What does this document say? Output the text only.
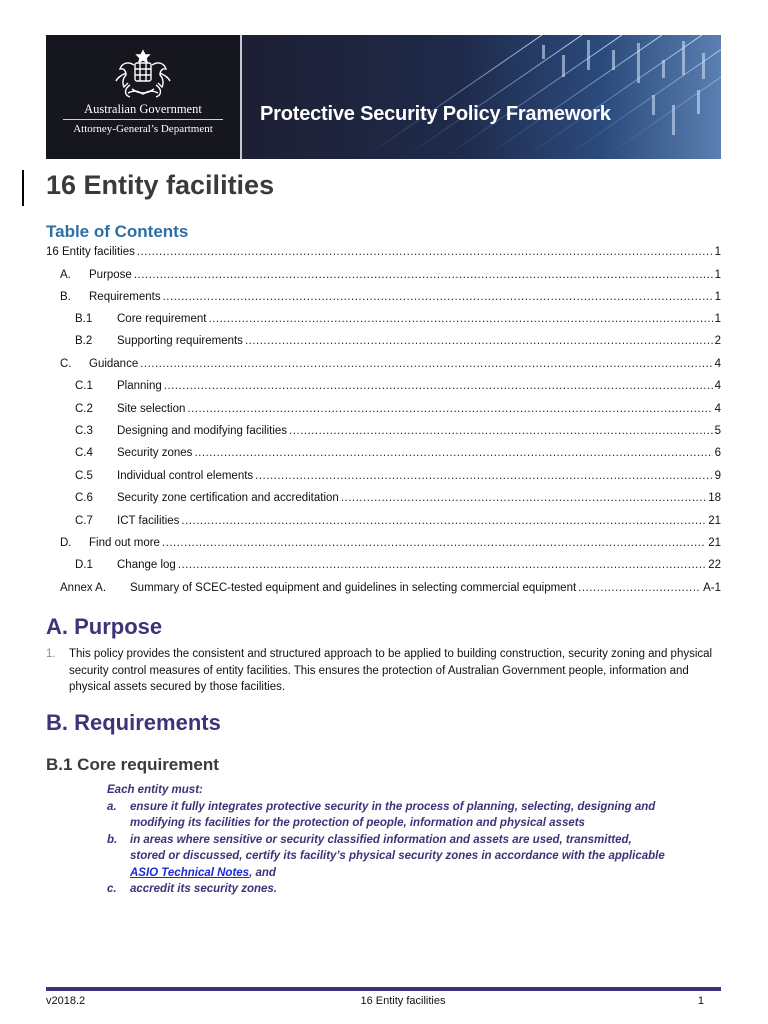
Australian Government
Attorney-General’s Department
Protective Security Policy Framework
16 Entity facilities
Table of Contents
16 Entity facilities .....	1
A.	Purpose .....	1
B.	Requirements .....	1
B.1	Core requirement .....	1
B.2	Supporting requirements .....	2
C.	Guidance .....	4
C.1	Planning .....	4
C.2	Site selection .....	4
C.3	Designing and modifying facilities .....	5
C.4	Security zones .....	6
C.5	Individual control elements .....	9
C.6	Security zone certification and accreditation .....	18
C.7	ICT facilities .....	21
D.	Find out more .....	21
D.1	Change log .....	22
Annex A.	Summary of SCEC-tested equipment and guidelines in selecting commercial equipment .....	A-1
A. Purpose
1. This policy provides the consistent and structured approach to be applied to building construction, security zoning and physical security control measures of entity facilities. This ensures the protection of Australian Government people, information and physical assets secured by those facilities.
B. Requirements
B.1 Core requirement
Each entity must:
a. ensure it fully integrates protective security in the process of planning, selecting, designing and modifying its facilities for the protection of people, information and physical assets
b. in areas where sensitive or security classified information and assets are used, transmitted, stored or discussed, certify its facility’s physical security zones in accordance with the applicable ASIO Technical Notes, and
c. accredit its security zones.
v2018.2	16 Entity facilities	1
